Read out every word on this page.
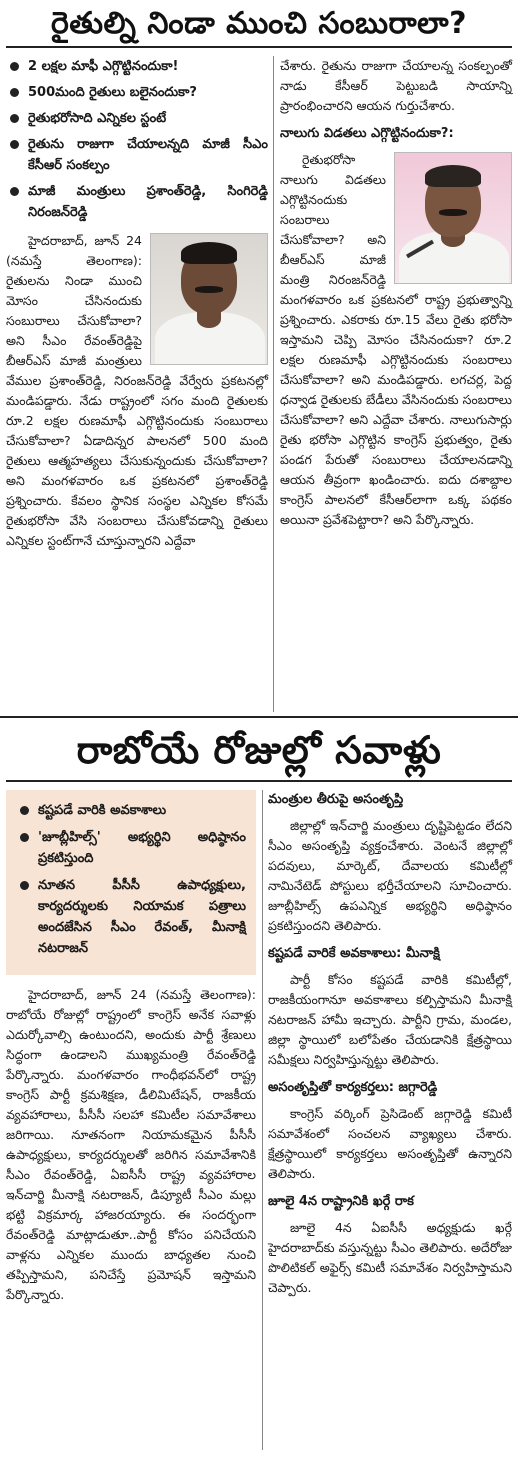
రైతుల్ని నిండా ముంచి సంబురాలా?
2 లక్షల మాఫీ ఎగ్గొట్టినందుకా!
500మంది రైతులు బలైనందుకా?
రైతుభరోసాది ఎన్నికల స్టంటే
రైతును రాజుగా చేయాలన్నది మాజీ సీఎం కేసీఆర్ సంకల్పం
మాజీ మంత్రులు ప్రశాంత్‌రెడ్డి, సింగిరెడ్డి నిరంజన్‌రెడ్డి

హైదరాబాద్, జూన్ 24 (నమస్తే తెలంగాణ): రైతులను నిండా ముంచి మోసం చేసినందుకు సంబురాలు చేసుకోవాలా? అని సీఎం రేవంత్‌రెడ్డిపై బీఆర్‌ఎస్ మాజీ మంత్రులు వేముల ప్రశాంత్‌రెడ్డి, నిరంజన్‌రెడ్డి వేర్వేరు ప్రకటనల్లో మండిపడ్డారు. నేడు రాష్ట్రంలో సగం మంది రైతులకు రూ.2 లక్షల రుణమాఫీ ఎగ్గొట్టినందుకు సంబురాలు చేసుకోవాలా? ఏడాదిన్నర పాలనలో 500 మంది రైతులు ఆత్మహత్యలు చేసుకున్నందుకు చేసుకోవాలా? అని మంగళవారం ఒక ప్రకటనలో ప్రశాంత్‌రెడ్డి ప్రశ్నించారు. కేవలం స్థానిక సంస్థల ఎన్నికల కోసమే రైతుభరోసా వేసి సంబరాలు చేసుకోవడాన్ని రైతులు ఎన్నికల స్టంట్‌గానే చూస్తున్నారని ఎద్దేవా

చేశారు. రైతును రాజుగా చేయాలన్న సంకల్పంతో నాడు కేసీఆర్ పెట్టుబడి సాయాన్ని ప్రారంభించారని ఆయన గుర్తుచేశారు.

నాలుగు విడతలు ఎగ్గొట్టినందుకా?:

రైతుభరోసా నాలుగు విడతలు ఎగ్గొట్టినందుకు సంబరాలు చేసుకోవాలా? అని బీఆర్‌ఎస్ మాజీ మంత్రి నిరంజన్‌రెడ్డి మంగళవారం ఒక ప్రకటనలో రాష్ట్ర ప్రభుత్వాన్ని ప్రశ్నించారు. ఎకరాకు రూ.15 వేలు రైతు భరోసా ఇస్తామని చెప్పి మోసం చేసినందుకా? రూ.2 లక్షల రుణమాఫీ ఎగ్గొట్టినందుకు సంబరాలు చేసుకోవాలా? అని మండిపడ్డారు. లగచర్ల, పెద్ద ధన్వాడ రైతులకు బేడీలు వేసినందుకు సంబరాలు చేసుకోవాలా? అని ఎద్దేవా చేశారు. నాలుగుసార్లు రైతు భరోసా ఎగ్గొట్టిన కాంగ్రెస్ ప్రభుత్వం, రైతు పండగ పేరుతో సంబురాలు చేయాలనడాన్ని ఆయన తీవ్రంగా ఖండించారు. ఐదు దశాబ్దాల కాంగ్రెస్ పాలనలో కేసీఆర్‌లాగా ఒక్క పథకం అయినా ప్రవేశపెట్టారా? అని పేర్కొన్నారు.

రాబోయే రోజుల్లో సవాళ్లు
కష్టపడే వారికి అవకాశాలు
'జూబ్లీహిల్స్' అభ్యర్థిని అధిష్ఠానం ప్రకటిస్తుంది
నూతన పీసీసీ ఉపాధ్యక్షులు, కార్యదర్శులకు నియామక పత్రాలు అందజేసిన సీఎం రేవంత్, మీనాక్షి నటరాజన్

హైదరాబాద్, జూన్ 24 (నమస్తే తెలంగాణ): రాబోయే రోజుల్లో రాష్ట్రంలో కాంగ్రెస్ అనేక సవాళ్లు ఎదుర్కోవాల్సి ఉంటుందని, అందుకు పార్టీ శ్రేణులు సిద్ధంగా ఉండాలని ముఖ్యమంత్రి రేవంత్‌రెడ్డి పేర్కొన్నారు. మంగళవారం గాంధీభవన్‌లో రాష్ట్ర కాంగ్రెస్ పార్టీ క్రమశిక్షణ, డీలిమిటేషన్, రాజకీయ వ్యవహారాలు, పీసీసీ సలహా కమిటీల సమావేశాలు జరిగాయి. నూతనంగా నియామకమైన పీసీసీ ఉపాధ్యక్షులు, కార్యదర్శులతో జరిగిన సమావేశానికి సీఎం రేవంత్‌రెడ్డి, ఏఐసీసీ రాష్ట్ర వ్యవహారాల ఇన్‌చార్జి మీనాక్షి నటరాజన్, డిప్యూటీ సీఎం మల్లు భట్టి విక్రమార్క హాజరయ్యారు. ఈ సందర్భంగా రేవంత్‌రెడ్డి మాట్లాడుతూ..పార్టీ కోసం పనిచేయని వాళ్లను ఎన్నికల ముందు బాధ్యతల నుంచి తప్పిస్తామని, పనిచేస్తే ప్రమోషన్ ఇస్తామని పేర్కొన్నారు.

మంత్రుల తీరుపై అసంతృప్తి

జిల్లాల్లో ఇన్‌చార్జి మంత్రులు దృష్టిపెట్టడం లేదని సీఎం అసంతృప్తి వ్యక్తంచేశారు. వెంటనే జిల్లాల్లో పదవులు, మార్కెట్, దేవాలయ కమిటీల్లో నామినేటెడ్ పోస్టులు భర్తీచేయాలని సూచించారు. జూబ్లీహిల్స్ ఉపఎన్నిక అభ్యర్థిని అధిష్ఠానం ప్రకటిస్తుందని తెలిపారు.

కష్టపడే వారికే అవకాశాలు: మీనాక్షి

పార్టీ కోసం కష్టపడే వారికి కమిటీల్లో, రాజకీయంగానూ అవకాశాలు కల్పిస్తామని మీనాక్షి నటరాజన్ హామీ ఇచ్చారు. పార్టీని గ్రామ, మండల, జిల్లా స్థాయిలో బలోపేతం చేయడానికి క్షేత్రస్థాయి సమీక్షలు నిర్వహిస్తున్నట్టు తెలిపారు.

అసంతృప్తితో కార్యకర్తలు: జగ్గారెడ్డి

కాంగ్రెస్ వర్కింగ్ ప్రెసిడెంట్ జగ్గారెడ్డి కమిటీ సమావేశంలో సంచలన వ్యాఖ్యలు చేశారు. క్షేత్రస్థాయిలో కార్యకర్తలు అసంతృప్తితో ఉన్నారని తెలిపారు.

జూలై 4న రాష్ట్రానికి ఖర్గే రాక

జూలై 4న ఏఐసీసీ అధ్యక్షుడు ఖర్గే హైదరాబాద్‌కు వస్తున్నట్టు సీఎం తెలిపారు. అదేరోజు పొలిటికల్ అఫైర్స్ కమిటీ సమావేశం నిర్వహిస్తామని చెప్పారు.
